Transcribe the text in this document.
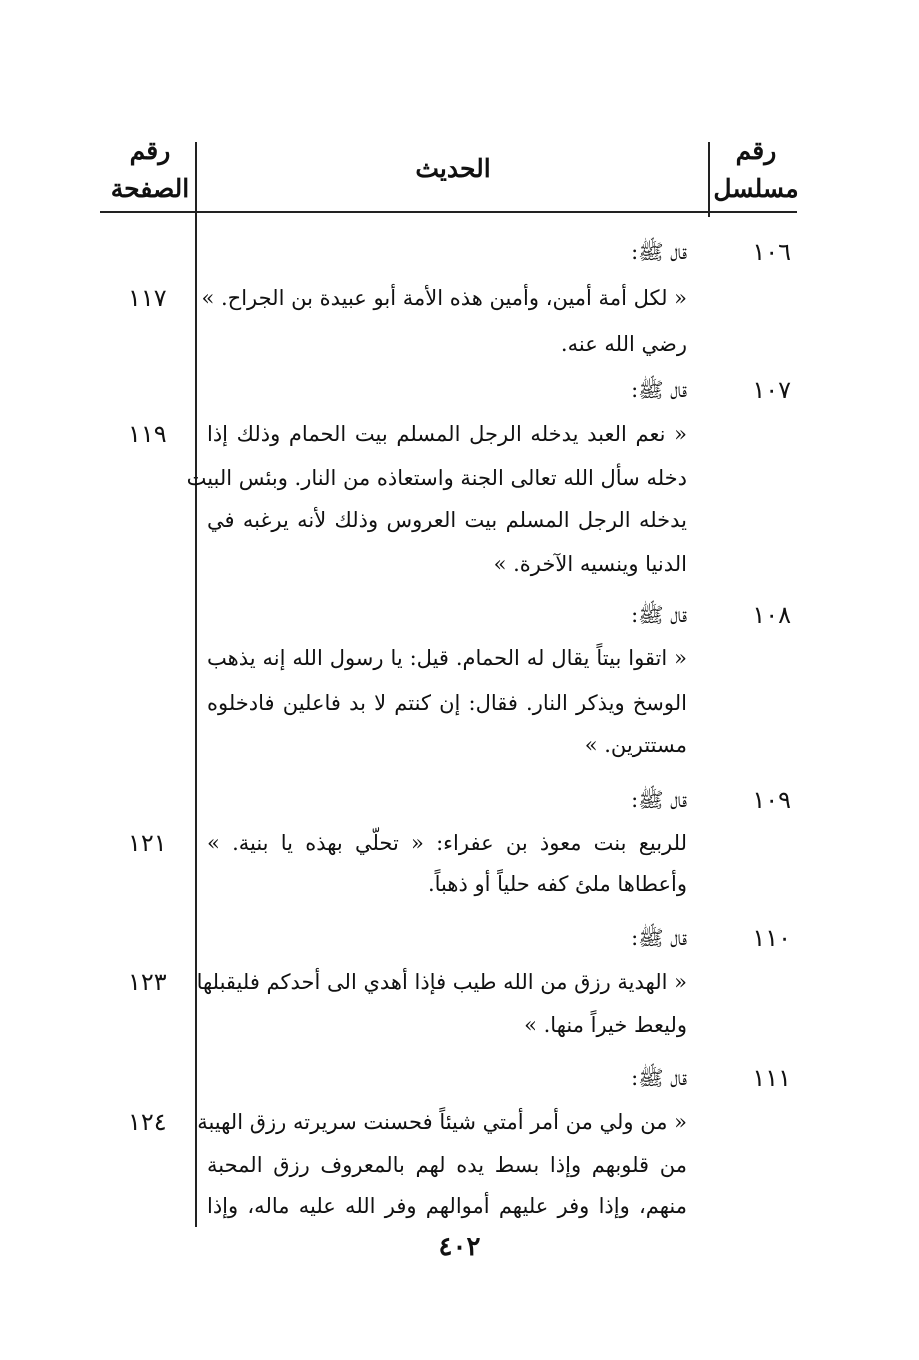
رقم
مسلسل
الحديث
رقم
الصفحة
١٠٦
قال ﷺ:
« لكل أمة أمين، وأمين هذه الأمة أبو عبيدة بن الجراح. »
رضي الله عنه.
١١٧
١٠٧
قال ﷺ:
« نعم العبد يدخله الرجل المسلم بيت الحمام وذلك إذا
دخله سأل الله تعالى الجنة واستعاذه من النار. وبئس البيت
يدخله الرجل المسلم بيت العروس وذلك لأنه يرغبه في
الدنيا وينسيه الآخرة. »
١١٩
١٠٨
قال ﷺ:
« اتقوا بيتاً يقال له الحمام. قيل: يا رسول الله إنه يذهب
الوسخ ويذكر النار. فقال: إن كنتم لا بد فاعلين فادخلوه
مستترين. »
١٠٩
قال ﷺ:
للربيع بنت معوذ بن عفراء: « تحلّي بهذه يا بنية. »
وأعطاها ملئ كفه حلياً أو ذهباً.
١٢١
١١٠
قال ﷺ:
« الهدية رزق من الله طيب فإذا أهدي الى أحدكم فليقبلها
وليعط خيراً منها. »
١٢٣
١١١
قال ﷺ:
« من ولي من أمر أمتي شيئاً فحسنت سريرته رزق الهيبة
من قلوبهم وإذا بسط يده لهم بالمعروف رزق المحبة
منهم، وإذا وفر عليهم أموالهم وفر الله عليه ماله، وإذا
١٢٤
٤٠٢
